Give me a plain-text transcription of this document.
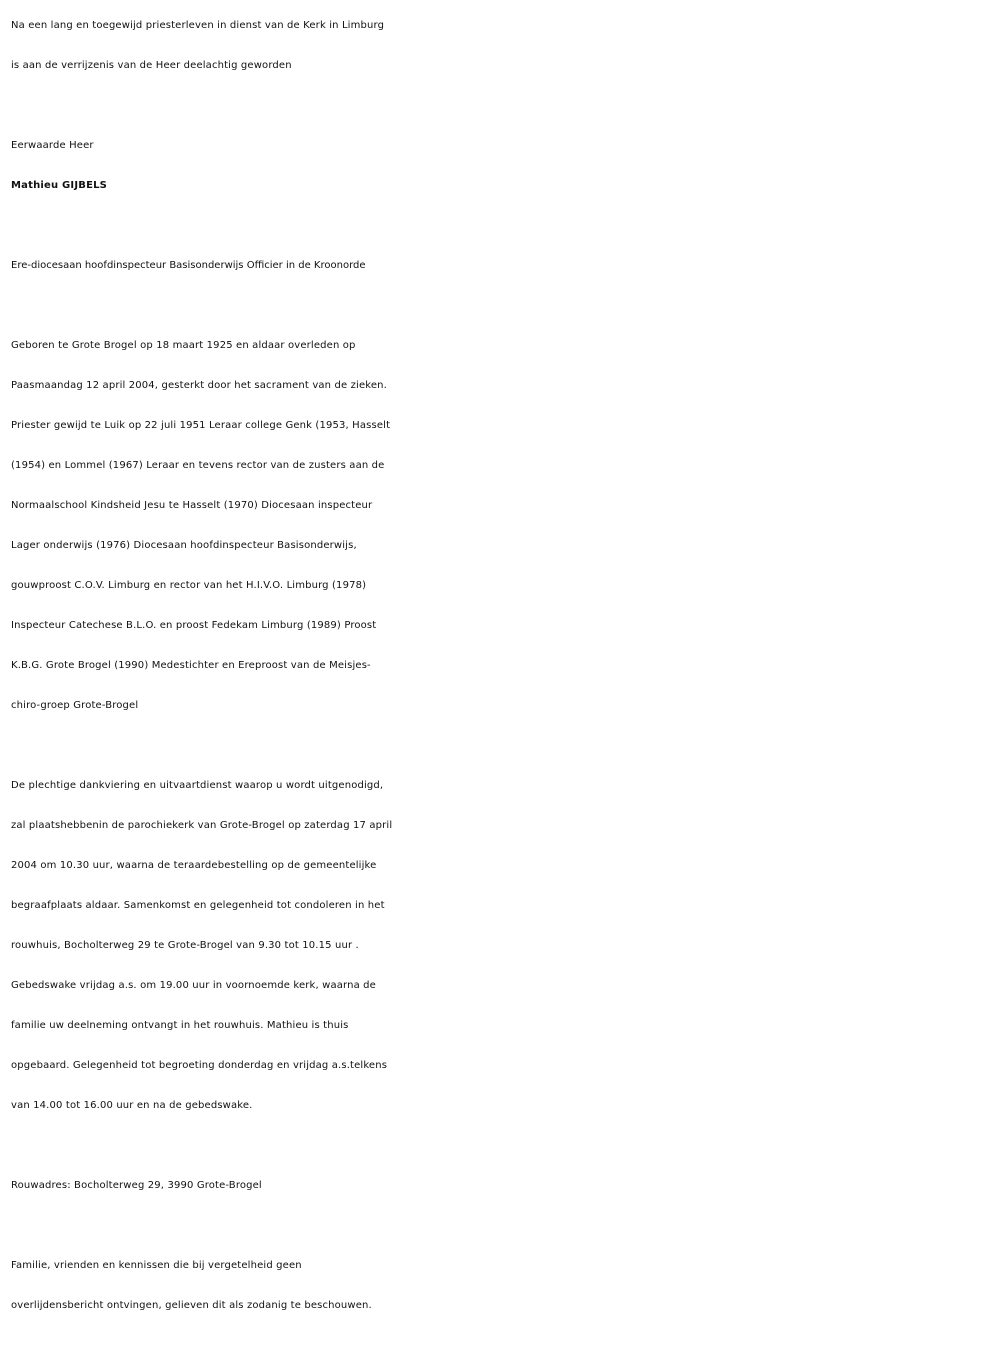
Na een lang en toegewijd priesterleven in dienst van de Kerk in Limburg
is aan de verrijzenis van de Heer deelachtig geworden
Eerwaarde Heer
Mathieu GIJBELS
Ere-diocesaan hoofdinspecteur Basisonderwijs Officier in de Kroonorde
Geboren te Grote Brogel op 18 maart 1925 en aldaar overleden op
Paasmaandag 12 april 2004, gesterkt door het sacrament van de zieken.
Priester gewijd te Luik op 22 juli 1951 Leraar college Genk (1953, Hasselt
(1954) en Lommel (1967) Leraar en tevens rector van de zusters aan de
Normaalschool Kindsheid Jesu te Hasselt (1970) Diocesaan inspecteur
Lager onderwijs (1976) Diocesaan hoofdinspecteur Basisonderwijs,
gouwproost C.O.V. Limburg en rector van het H.I.V.O. Limburg (1978)
Inspecteur Catechese B.L.O. en proost Fedekam Limburg (1989) Proost
K.B.G. Grote Brogel (1990) Medestichter en Ereproost van de Meisjes-
chiro-groep Grote-Brogel
De plechtige dankviering en uitvaartdienst waarop u wordt uitgenodigd,
zal plaatshebbenin de parochiekerk van Grote-Brogel op zaterdag 17 april
2004 om 10.30 uur, waarna de teraardebestelling op de gemeentelijke
begraafplaats aldaar. Samenkomst en gelegenheid tot condoleren in het
rouwhuis, Bocholterweg 29 te Grote-Brogel van 9.30 tot 10.15 uur .
Gebedswake vrijdag a.s. om 19.00 uur in voornoemde kerk, waarna de
familie uw deelneming ontvangt in het rouwhuis. Mathieu is thuis
opgebaard. Gelegenheid tot begroeting donderdag en vrijdag a.s.telkens
van 14.00 tot 16.00 uur en na de gebedswake.
Rouwadres: Bocholterweg 29, 3990 Grote-Brogel
Familie, vrienden en kennissen die bij vergetelheid geen
overlijdensbericht ontvingen, gelieven dit als zodanig te beschouwen.
